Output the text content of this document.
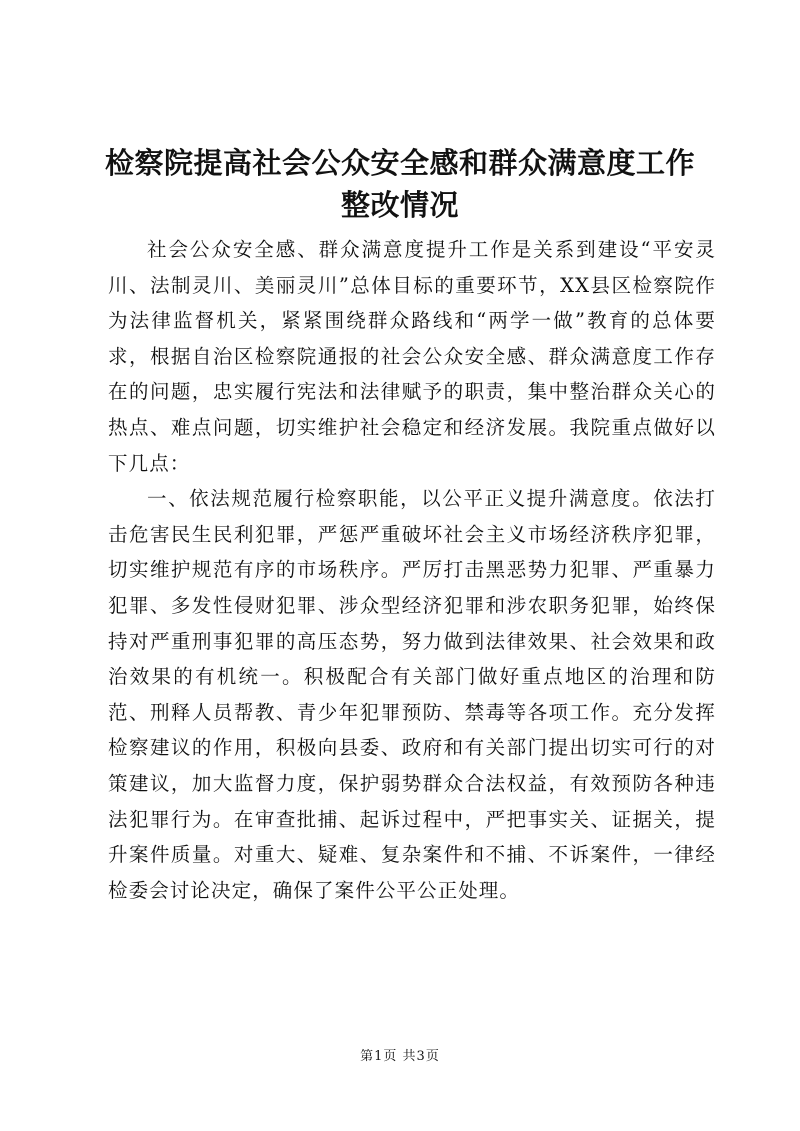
检察院提高社会公众安全感和群众满意度工作
整改情况

社会公众安全感、群众满意度提升工作是关系到建设“平安灵川、法制灵川、美丽灵川”总体目标的重要环节，XX县区检察院作为法律监督机关，紧紧围绕群众路线和“两学一做”教育的总体要求，根据自治区检察院通报的社会公众安全感、群众满意度工作存在的问题，忠实履行宪法和法律赋予的职责，集中整治群众关心的热点、难点问题，切实维护社会稳定和经济发展。我院重点做好以下几点：

一、依法规范履行检察职能，以公平正义提升满意度。依法打击危害民生民利犯罪，严惩严重破坏社会主义市场经济秩序犯罪，切实维护规范有序的市场秩序。严厉打击黑恶势力犯罪、严重暴力犯罪、多发性侵财犯罪、涉众型经济犯罪和涉农职务犯罪，始终保持对严重刑事犯罪的高压态势，努力做到法律效果、社会效果和政治效果的有机统一。积极配合有关部门做好重点地区的治理和防范、刑释人员帮教、青少年犯罪预防、禁毒等各项工作。充分发挥检察建议的作用，积极向县委、政府和有关部门提出切实可行的对策建议，加大监督力度，保护弱势群众合法权益，有效预防各种违法犯罪行为。在审查批捕、起诉过程中，严把事实关、证据关，提升案件质量。对重大、疑难、复杂案件和不捕、不诉案件，一律经检委会讨论决定，确保了案件公平公正处理。

第1页 共3页
